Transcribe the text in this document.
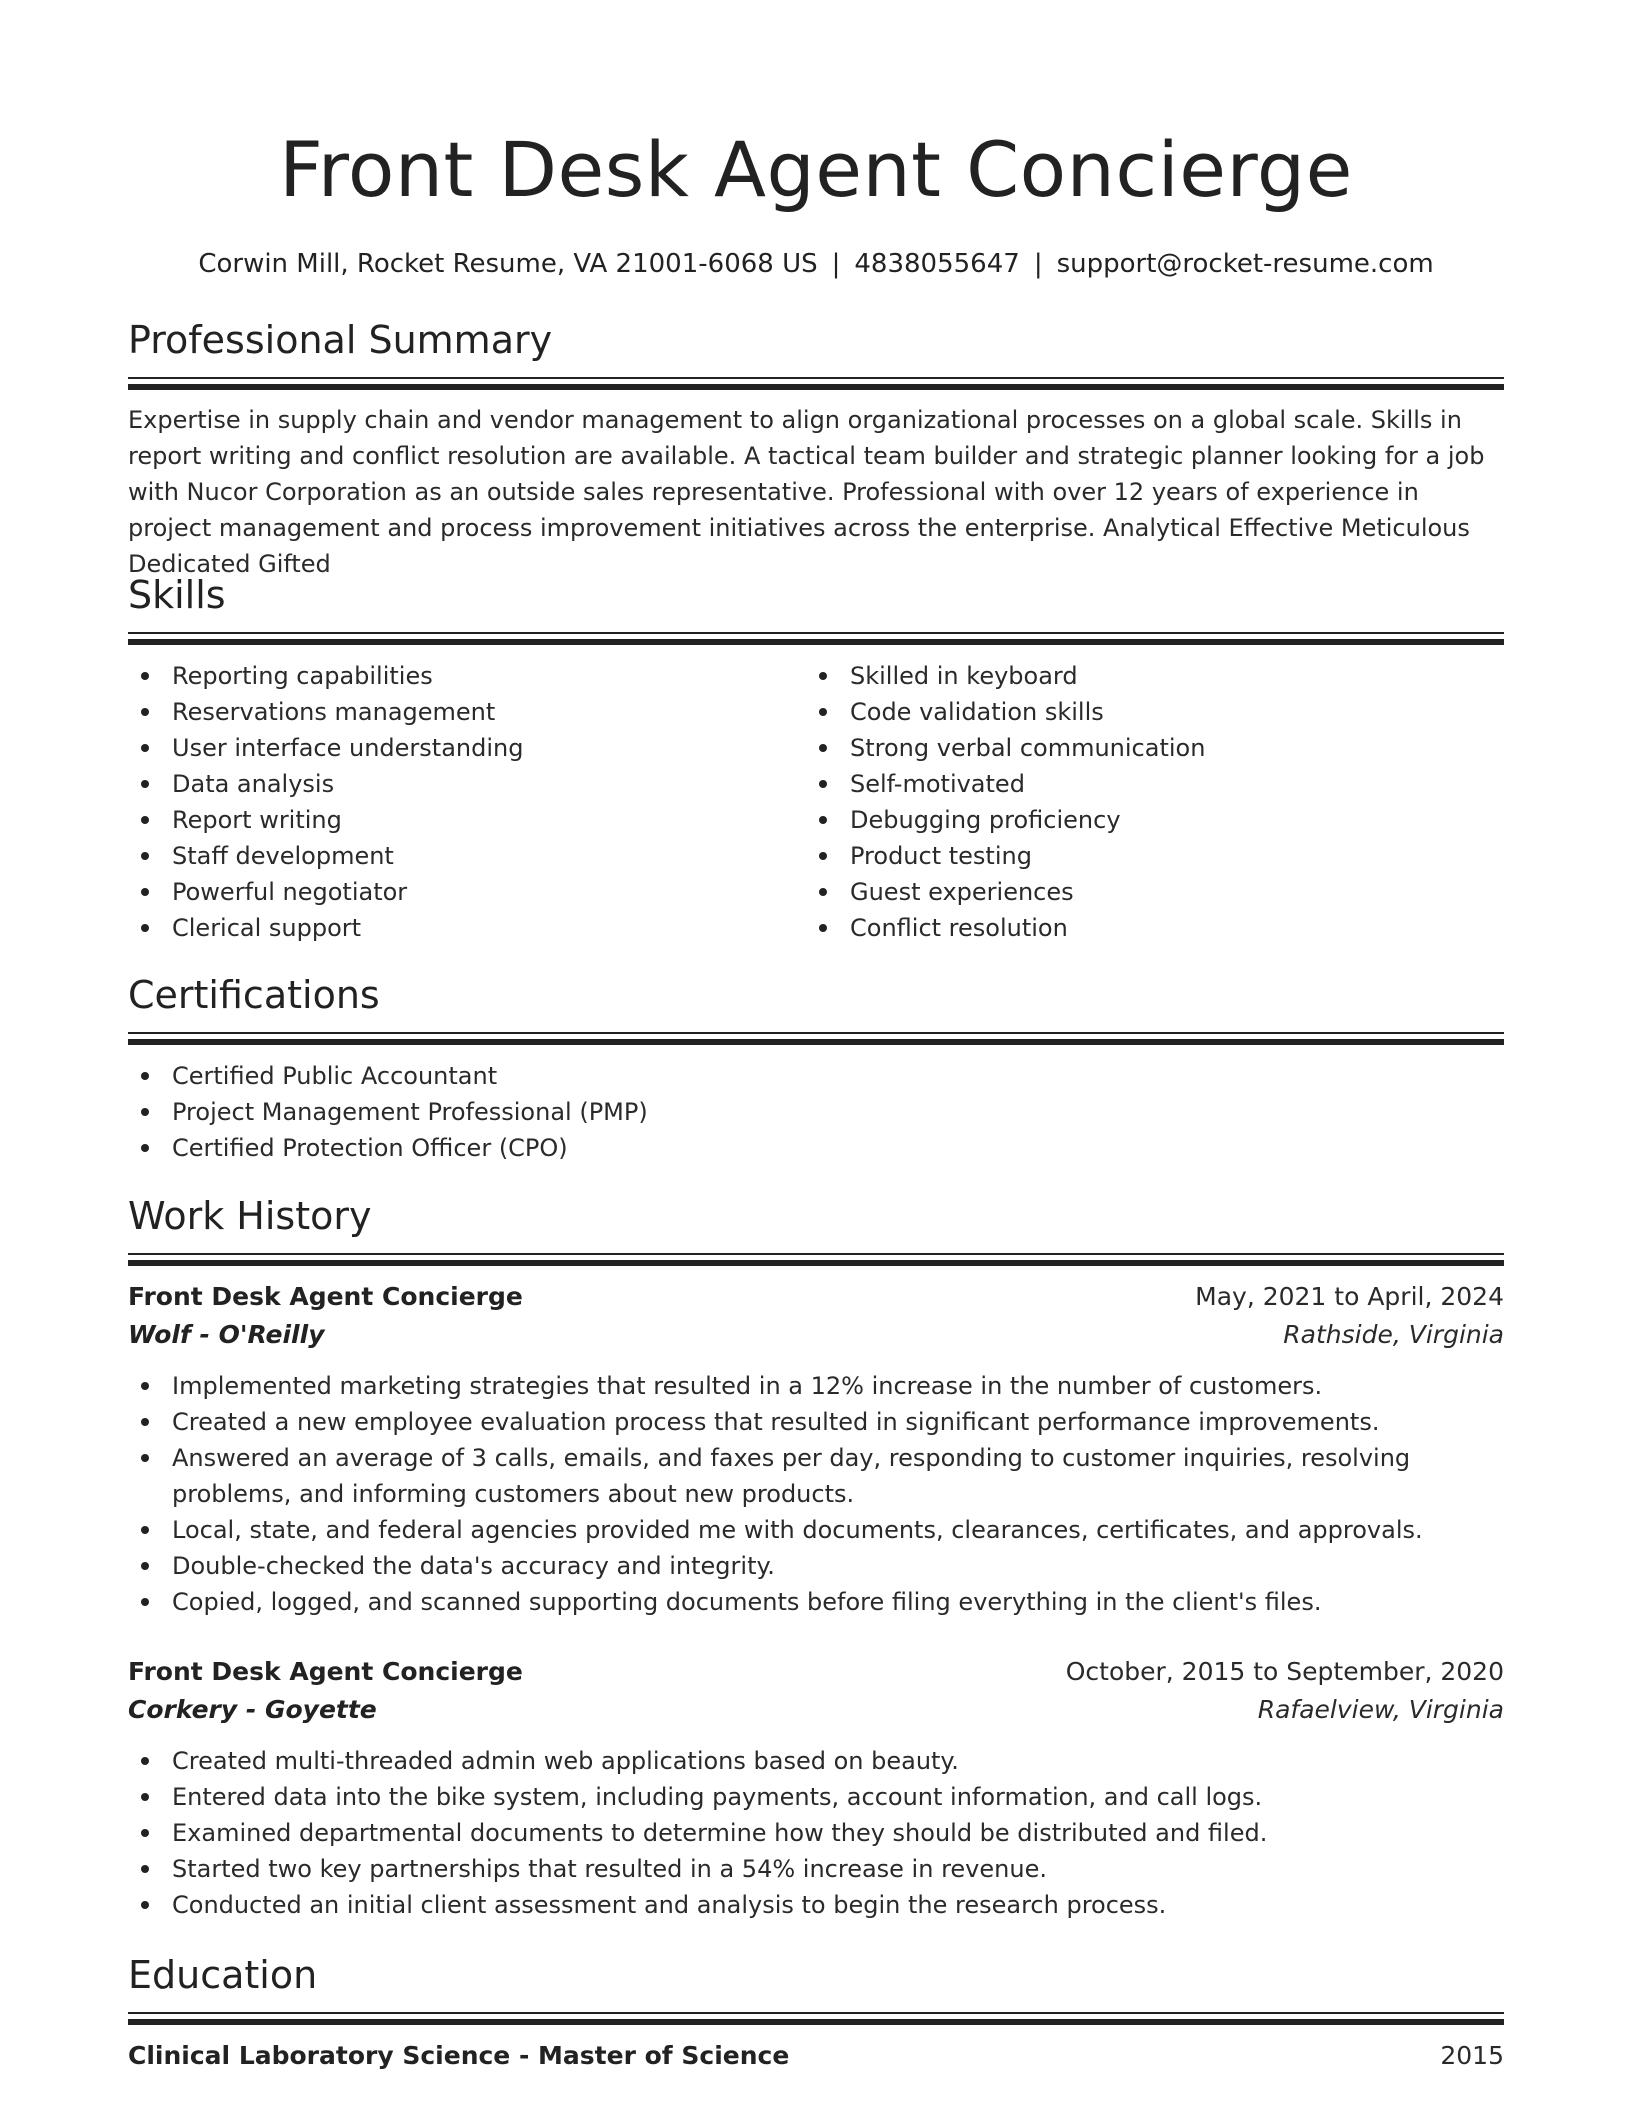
Front Desk Agent Concierge
Corwin Mill, Rocket Resume, VA 21001-6068 US | 4838055647 | support@rocket-resume.com
Professional Summary
Expertise in supply chain and vendor management to align organizational processes on a global scale. Skills in report writing and conflict resolution are available. A tactical team builder and strategic planner looking for a job with Nucor Corporation as an outside sales representative. Professional with over 12 years of experience in project management and process improvement initiatives across the enterprise. Analytical Effective Meticulous Dedicated Gifted
Skills
Reporting capabilities
Reservations management
User interface understanding
Data analysis
Report writing
Staff development
Powerful negotiator
Clerical support
Skilled in keyboard
Code validation skills
Strong verbal communication
Self-motivated
Debugging proficiency
Product testing
Guest experiences
Conflict resolution
Certifications
Certified Public Accountant
Project Management Professional (PMP)
Certified Protection Officer (CPO)
Work History
Front Desk Agent Concierge	May, 2021 to April, 2024
Wolf - O'Reilly	Rathside, Virginia
Implemented marketing strategies that resulted in a 12% increase in the number of customers.
Created a new employee evaluation process that resulted in significant performance improvements.
Answered an average of 3 calls, emails, and faxes per day, responding to customer inquiries, resolving problems, and informing customers about new products.
Local, state, and federal agencies provided me with documents, clearances, certificates, and approvals.
Double-checked the data's accuracy and integrity.
Copied, logged, and scanned supporting documents before filing everything in the client's files.
Front Desk Agent Concierge	October, 2015 to September, 2020
Corkery - Goyette	Rafaelview, Virginia
Created multi-threaded admin web applications based on beauty.
Entered data into the bike system, including payments, account information, and call logs.
Examined departmental documents to determine how they should be distributed and filed.
Started two key partnerships that resulted in a 54% increase in revenue.
Conducted an initial client assessment and analysis to begin the research process.
Education
Clinical Laboratory Science - Master of Science	2015
